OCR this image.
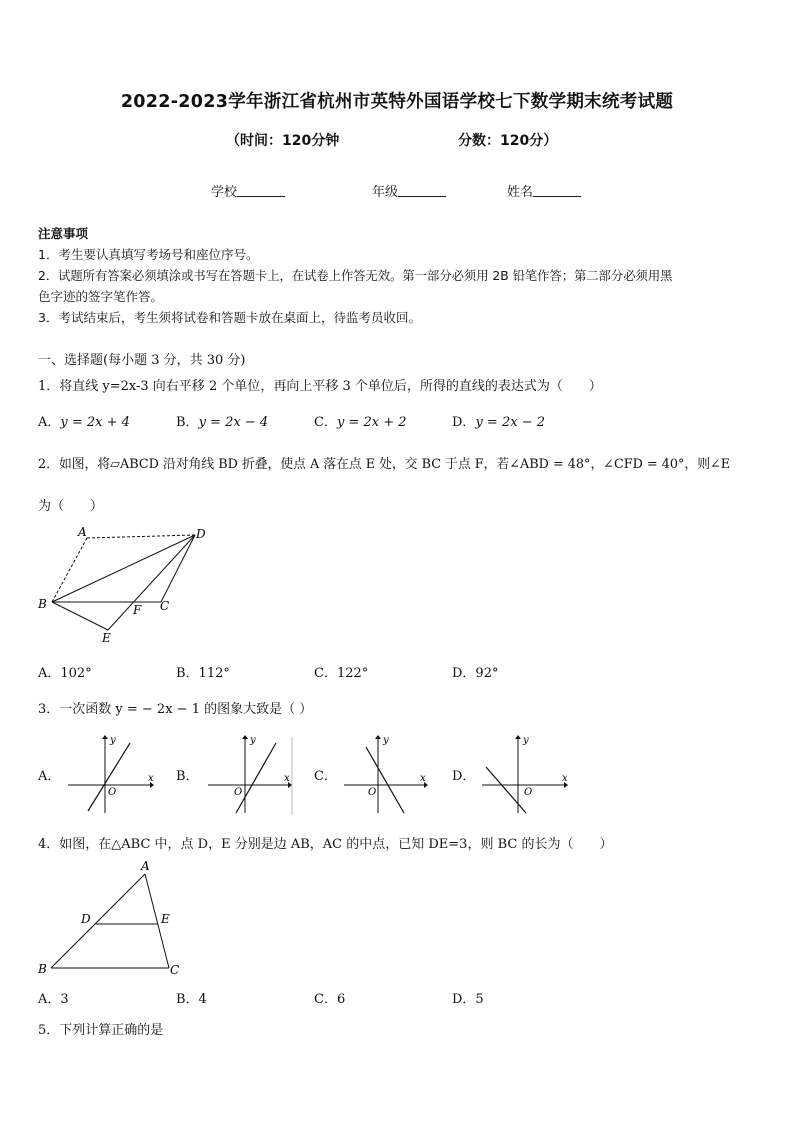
2022-2023学年浙江省杭州市英特外国语学校七下数学期末统考试题
（时间：120分钟	分数：120分）
学校	年级	姓名
注意事项
1．考生要认真填写考场号和座位序号。
2．试题所有答案必须填涂或书写在答题卡上，在试卷上作答无效。第一部分必须用 2B 铅笔作答；第二部分必须用黑
色字迹的签字笔作答。
3．考试结束后，考生须将试卷和答题卡放在桌面上，待监考员收回。
一、选择题(每小题 3 分，共 30 分)
1．将直线 y=2x-3 向右平移 2 个单位，再向上平移 3 个单位后，所得的直线的表达式为（　　）
A．y = 2x + 4	B．y = 2x − 4	C．y = 2x + 2	D．y = 2x − 2
2．如图，将▱ABCD 沿对角线 BD 折叠，使点 A 落在点 E 处，交 BC 于点 F，若∠ABD = 48°，∠CFD = 40°，则∠E
为（　　）
A	D
B	F C
E
A．102°	B．112°	C．122°	D．92°
3．一次函数 y = − 2x − 1 的图象大致是（ ）
A．
y
x
O
B．
y
x
O
C．
y
x
O
D．
y
x
O
4．如图，在△ABC 中，点 D，E 分别是边 AB，AC 的中点，已知 DE=3，则 BC 的长为（　　）
A
D	E
B	C
A．3	B．4	C．6	D．5
5．下列计算正确的是
